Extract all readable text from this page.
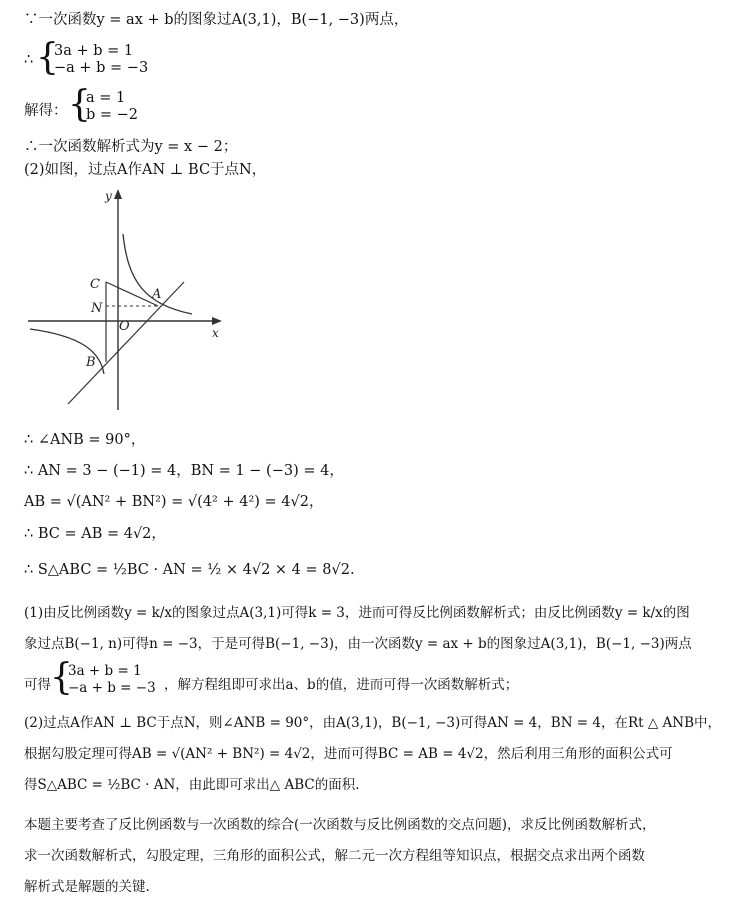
∵一次函数y = ax + b的图象过A(3,1)，B(−1, −3)两点，
∴ {
3a + b = 1
−a + b = −3
解得： {
a = 1
b = −2
∴一次函数解析式为y = x − 2；
(2)如图，过点A作AN ⊥ BC于点N，
y
x
C
N
O
A
B
∴ ∠ANB = 90°，
∴ AN = 3 − (−1) = 4，BN = 1 − (−3) = 4，
AB = √(AN² + BN²) = √(4² + 4²) = 4√2，
∴ BC = AB = 4√2，
∴ S△ABC = ½BC · AN = ½ × 4√2 × 4 = 8√2.

(1)由反比例函数y = k/x的图象过点A(3,1)可得k = 3，进而可得反比例函数解析式；由反比例函数y = k/x的图

象过点B(−1, n)可得n = −3，于是可得B(−1, −3)，由一次函数y = ax + b的图象过A(3,1)，B(−1, −3)两点

可得 {
3a + b = 1
−a + b = −3 ，解方程组即可求出a、b的值，进而可得一次函数解析式；

(2)过点A作AN ⊥ BC于点N，则∠ANB = 90°，由A(3,1)，B(−1, −3)可得AN = 4，BN = 4，在Rt △ ANB中，

根据勾股定理可得AB = √(AN² + BN²) = 4√2，进而可得BC = AB = 4√2，然后利用三角形的面积公式可

得S△ABC = ½BC · AN，由此即可求出△ ABC的面积.

本题主要考查了反比例函数与一次函数的综合(一次函数与反比例函数的交点问题)，求反比例函数解析式，

求一次函数解析式，勾股定理，三角形的面积公式，解二元一次方程组等知识点，根据交点求出两个函数

解析式是解题的关键.
